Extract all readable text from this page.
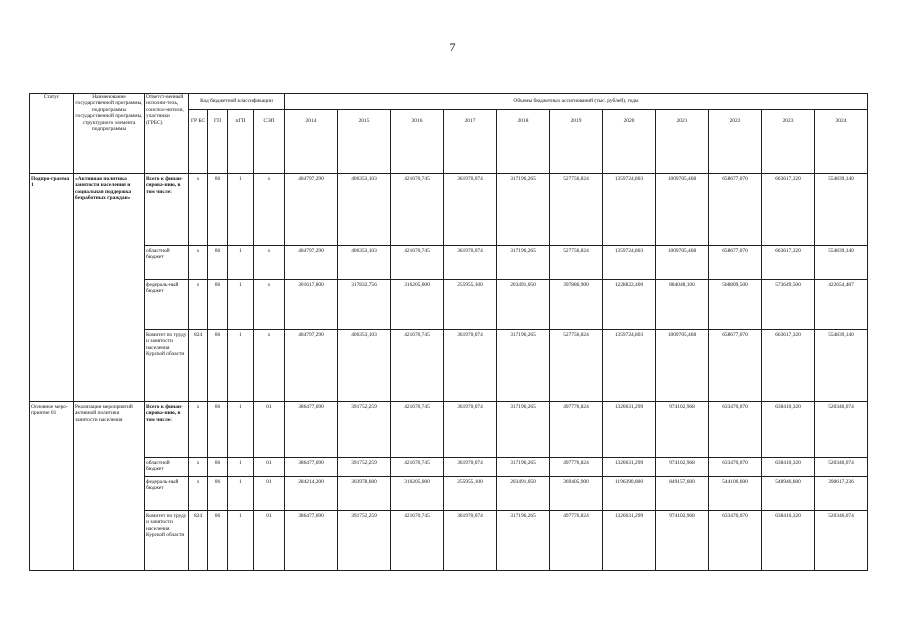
7
Статус	Наименование государственной программы, подпрограммы государственной программы, структурного элемента подпрограммы	Ответст-венный исполни-тель, соиспол-нители, участники (ГРБС)	Код бюджетной классификации				Объемы бюджетных ассигнований (тыс. рублей), годы										
			ГР БС	ГП	пГП	СЭП	2014	2015	2016	2017	2018	2019	2020	2021	2022	2023	2024
Подпро-грамма 1	«Активная политика занятости населения и социальная поддержка безработных граждан»	Всего к финан-сирова-нию, в том числе:	х	06	1	х	404797,290	406353,103	421670,745	361970,074	317196,265	527756,824	1359724,803	1009705,468	658677,070	663617,320	554839,140
		областной бюджет	х	06	1	х	404797,290	406353,103	421670,745	361970,074	317196,265	527756,824	1359724,803	1009705,468	658677,070	663617,320	554839,140
		федераль-ный бюджет	х	06	1	х	301617,800	317832,756	316205,000	255955,100	203491,050	397886,900	1228822,400	884048,100	568809,500	573649,500	422654,487
		Комитет по труду и занятости населения Курской области	824	06	1	х	404797,290	406353,103	421670,745	361970,074	317196,265	527756,824	1359724,803	1009705,468	658677,070	663617,320	554839,140
Основное меро-приятие 01	Реализация мероприятий активной политики занятости населения	Всего к финан-сирова-нию, в том числе:	х	06	1	01	386477,690	391752,259	421670,745	361970,074	317196,265	497776,824	1326631,299	974102,968	633470,070	638410,320	520346,074
		областной бюджет	х	06	1	01	386477,690	391752,259	421670,745	361970,074	317196,265	497776,824	1326631,299	974102,968	633470,070	638410,320	520346,074
		федераль-ный бюджет	х	06	1	01	284214,200	303978,600	316205,000	255955,100	203491,050	369405,900	1196390,800	849157,600	544106,600	548946,600	390617,236
		Комитет по труду и занятости населения Курской области	824	06	1	01	386477,690	391752,259	421670,745	361970,074	317196,265	497776,824	1326631,299	974102,968	633470,070	638410,320	520346,074
